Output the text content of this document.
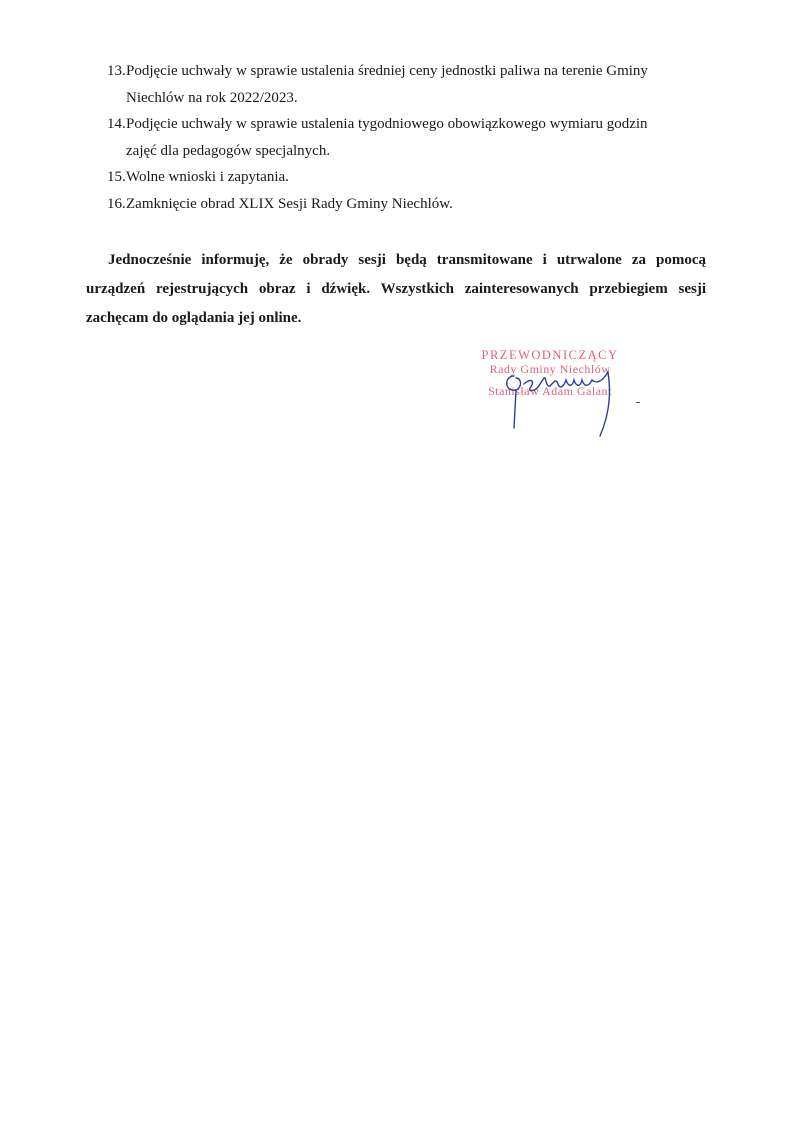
13. Podjęcie uchwały w sprawie ustalenia średniej ceny jednostki paliwa na terenie Gminy
Niechlów na rok 2022/2023.
14. Podjęcie uchwały w sprawie ustalenia tygodniowego obowiązkowego wymiaru godzin
zajęć dla pedagogów specjalnych.
15. Wolne wnioski i zapytania.
16. Zamknięcie obrad XLIX Sesji Rady Gminy Niechlów.
Jednocześnie informuję, że obrady sesji będą transmitowane i utrwalone za pomocą urządzeń rejestrujących obraz i dźwięk. Wszystkich zainteresowanych przebiegiem sesji zachęcam do oglądania jej online.
PRZEWODNICZĄCY
Rady Gminy Niechlów
Stanisław Adam Galant
